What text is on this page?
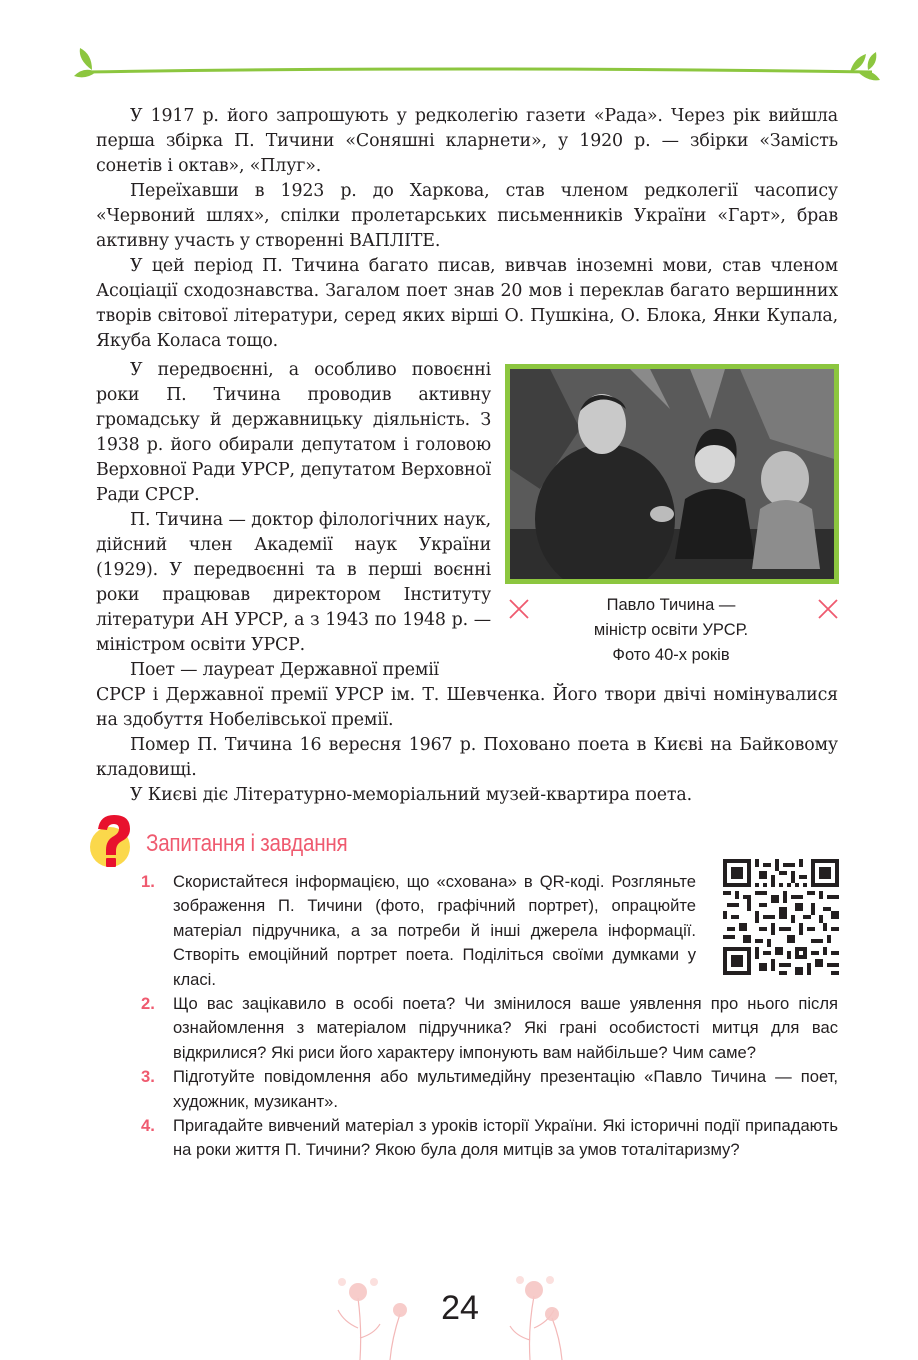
У 1917 р. його запрошують у редколегію газети «Рада». Через рік вийшла перша збірка П. Тичини «Соняшні кларнети», у 1920 р. — збірки «Замість сонетів і октав», «Плуг».

Переїхавши в 1923 р. до Харкова, став членом редколегії часопису «Червоний шлях», спілки пролетарських письменників України «Гарт», брав активну участь у створенні ВАПЛІТЕ.

У цей період П. Тичина багато писав, вивчав іноземні мови, став членом Асоціації сходознавства. Загалом поет знав 20 мов і переклав багато вершинних творів світової літератури, серед яких вірші О. Пушкіна, О. Блока, Янки Купала, Якуба Коласа тощо.

У передвоєнні, а особливо повоєнні роки П. Тичина проводив активну громадську й державницьку діяльність. З 1938 р. його обирали депутатом і головою Верховної Ради УРСР, депутатом Верховної Ради СРСР.

П. Тичина — доктор філологічних наук, дійсний член Академії наук України (1929). У передвоєнні та в перші воєнні роки працював директором Інституту літератури АН УРСР, а з 1943 по 1948 р. — міністром освіти УРСР.

Поет — лауреат Державної премії

Павло Тичина —
міністр освіти УРСР.
Фото 40-х років

СРСР і Державної премії УРСР ім. Т. Шевченка. Його твори двічі номінувалися на здобуття Нобелівської премії.

Помер П. Тичина 16 вересня 1967 р. Поховано поета в Києві на Байковому кладовищі.

У Києві діє Літературно-меморіальний музей-квартира поета.

Запитання і завдання
1. Скористайтеся інформацією, що «схована» в QR-коді. Розгляньте зображення П. Тичини (фото, графічний портрет), опрацюйте матеріал підручника, а за потреби й інші джерела інформації. Створіть емоційний портрет поета. Поділіться своїми думками у класі.
2. Що вас зацікавило в особі поета? Чи змінилося ваше уявлення про нього після ознайомлення з матеріалом підручника? Які грані особистості митця для вас відкрилися? Які риси його характеру імпонують вам найбільше? Чим саме?
3. Підготуйте повідомлення або мультимедійну презентацію «Павло Тичина — поет, художник, музикант».
4. Пригадайте вивчений матеріал з уроків історії України. Які історичні події припадають на роки життя П. Тичини? Якою була доля митців за умов тоталітаризму?
24
